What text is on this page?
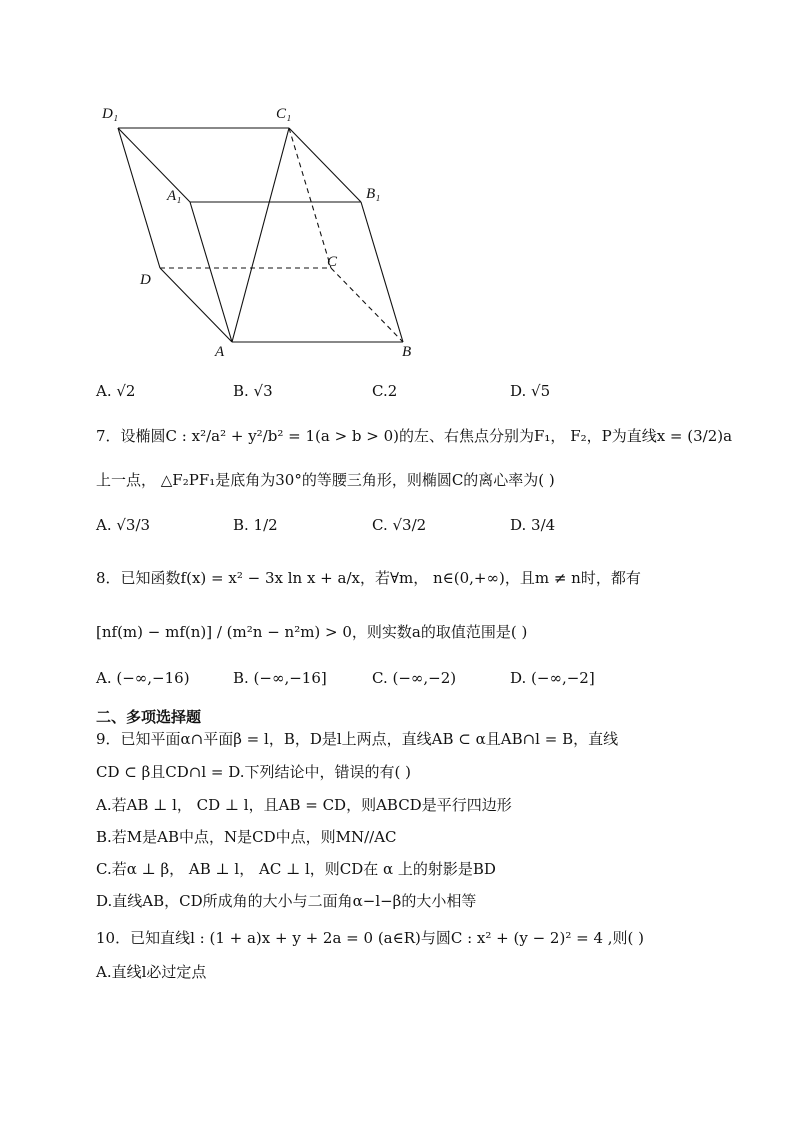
D₁	C₁
A₁	B₁
C
D
A	B
A. √2	B. √3	C.2	D. √5
7．设椭圆C : x²/a² + y²/b² = 1(a > b > 0)的左、右焦点分别为F₁， F₂，P为直线x = (3/2)a
上一点， △F₂PF₁是底角为30°的等腰三角形，则椭圆C的离心率为( )
A. √3/3	B. 1/2	C. √3/2	D. 3/4
8．已知函数f(x) = x² − 3x ln x + a/x，若∀m， n∈(0,+∞)，且m ≠ n时，都有
[nf(m) − mf(n)] / (m²n − n²m) > 0，则实数a的取值范围是( )
A. (−∞,−16)	B. (−∞,−16]	C. (−∞,−2)	D. (−∞,−2]
二、多项选择题
9．已知平面α∩平面β = l，B，D是l上两点，直线AB ⊂ α且AB∩l = B，直线
CD ⊂ β且CD∩l = D.下列结论中，错误的有( )
A.若AB ⊥ l， CD ⊥ l，且AB = CD，则ABCD是平行四边形
B.若M是AB中点，N是CD中点，则MN//AC
C.若α ⊥ β， AB ⊥ l， AC ⊥ l，则CD在 α 上的射影是BD
D.直线AB，CD所成角的大小与二面角α−l−β的大小相等
10．已知直线l : (1 + a)x + y + 2a = 0 (a∈R)与圆C : x² + (y − 2)² = 4 ,则( )
A.直线l必过定点
